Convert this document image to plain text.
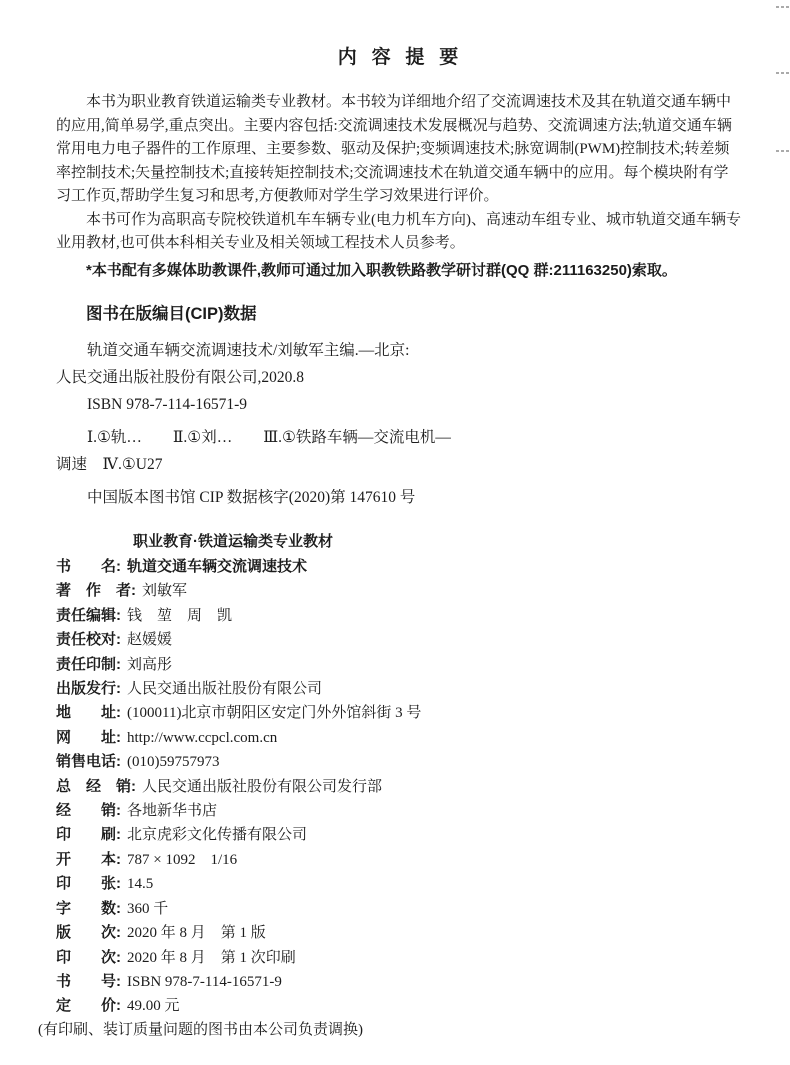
内容提要
本书为职业教育铁道运输类专业教材。本书较为详细地介绍了交流调速技术及其在轨道交通车辆中
的应用,简单易学,重点突出。主要内容包括:交流调速技术发展概况与趋势、交流调速方法;轨道交通车辆
常用电力电子器件的工作原理、主要参数、驱动及保护;变频调速技术;脉宽调制(PWM)控制技术;转差频
率控制技术;矢量控制技术;直接转矩控制技术;交流调速技术在轨道交通车辆中的应用。每个模块附有学
习工作页,帮助学生复习和思考,方便教师对学生学习效果进行评价。
本书可作为高职高专院校铁道机车车辆专业(电力机车方向)、高速动车组专业、城市轨道交通车辆专
业用教材,也可供本科相关专业及相关领域工程技术人员参考。
*本书配有多媒体助教课件,教师可通过加入职教铁路教学研讨群(QQ 群:211163250)索取。
图书在版编目(CIP)数据
轨道交通车辆交流调速技术/刘敏军主编.—北京:
人民交通出版社股份有限公司,2020.8
ISBN 978-7-114-16571-9
Ⅰ.①轨…　　Ⅱ.①刘…　　Ⅲ.①铁路车辆—交流电机—
调速　Ⅳ.①U27
中国版本图书馆 CIP 数据核字(2020)第 147610 号
职业教育·铁道运输类专业教材
书　　名: 轨道交通车辆交流调速技术
著　作　者: 刘敏军
责任编辑: 钱　堃　周　凯
责任校对: 赵媛媛
责任印制: 刘高彤
出版发行: 人民交通出版社股份有限公司
地　　址: (100011)北京市朝阳区安定门外外馆斜街 3 号
网　　址: http://www.ccpcl.com.cn
销售电话: (010)59757973
总　经　销: 人民交通出版社股份有限公司发行部
经　　销: 各地新华书店
印　　刷: 北京虎彩文化传播有限公司
开　　本: 787 × 1092　1/16
印　　张: 14.5
字　　数: 360 千
版　　次: 2020 年 8 月　第 1 版
印　　次: 2020 年 8 月　第 1 次印刷
书　　号: ISBN 978-7-114-16571-9
定　　价: 49.00 元
(有印刷、装订质量问题的图书由本公司负责调换)
